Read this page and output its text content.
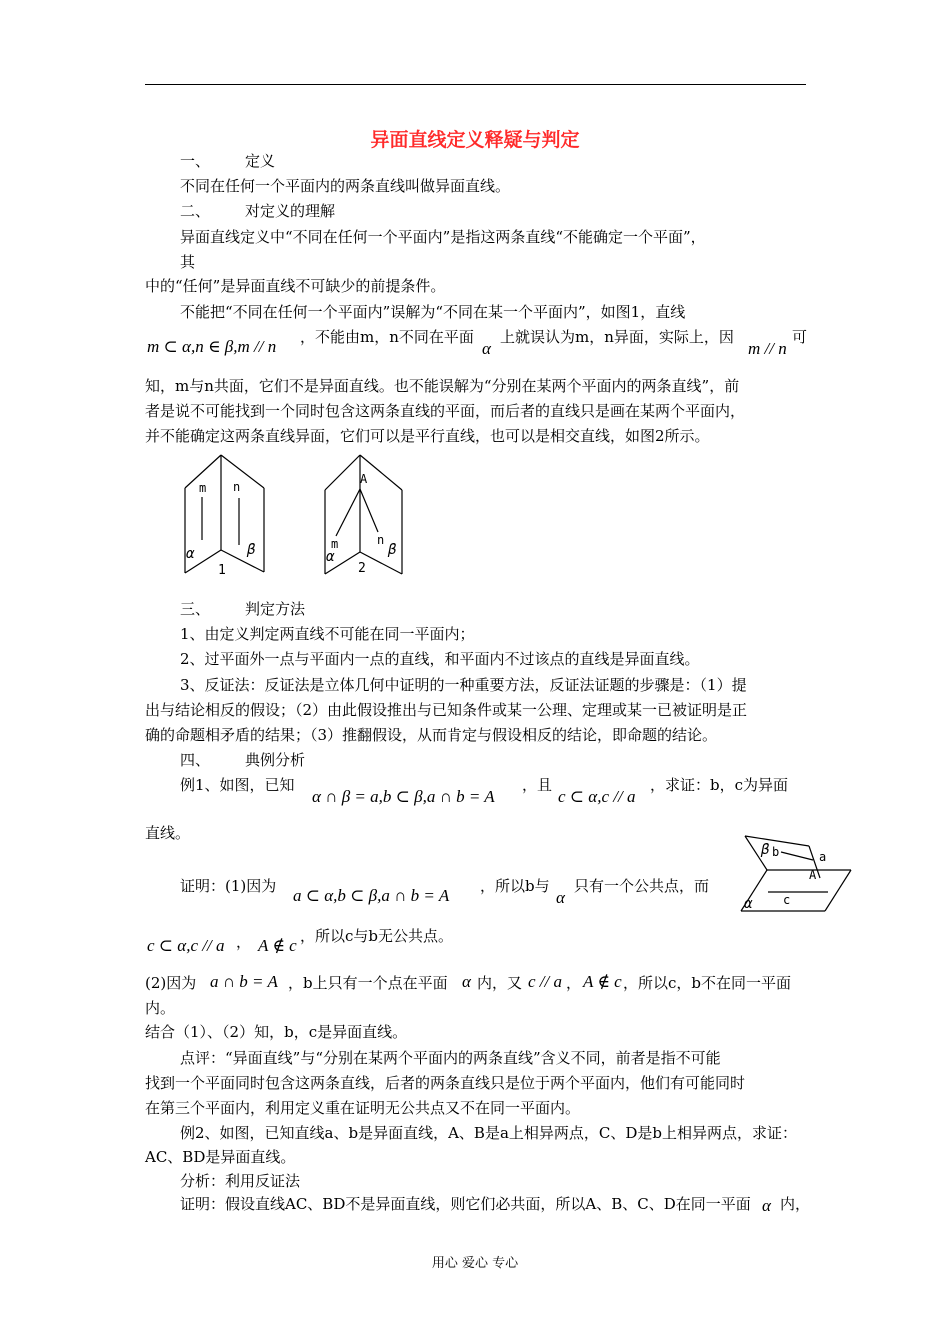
异面直线定义释疑与判定
一、 定义
不同在任何一个平面内的两条直线叫做异面直线。
二、 对定义的理解
异面直线定义中“不同在任何一个平面内”是指这两条直线“不能确定一个平面”，
其
中的“任何”是异面直线不可缺少的前提条件。
不能把“不同在任何一个平面内”误解为“不同在某一个平面内”，如图1，直线
m ⊂ α,n ∈ β,m // n ，不能由m，n不同在平面
α
上就误认为m，n异面，实际上，因
m // n
可
知，m与n共面，它们不是异面直线。也不能误解为“分别在某两个平面内的两条直线”，前
者是说不可能找到一个同时包含这两条直线的平面，而后者的直线只是画在某两个平面内，
并不能确定这两条直线异面，它们可以是平行直线，也可以是相交直线，如图2所示。
m n
α	β
1
A
m	n
α	β
2
三、 判定方法
1、由定义判定两直线不可能在同一平面内；
2、过平面外一点与平面内一点的直线，和平面内不过该点的直线是异面直线。
3、反证法：反证法是立体几何中证明的一种重要方法，反证法证题的步骤是：（1）提
出与结论相反的假设；（2）由此假设推出与已知条件或某一公理、定理或某一已被证明是正
确的命题相矛盾的结果；（3）推翻假设，从而肯定与假设相反的结论，即命题的结论。
四、 典例分析
例1、如图，已知
α ∩ β = a,b ⊂ β,a ∩ b = A
，且
c ⊂ α,c // a
，求证：b，c为异面
直线。
β b	a
A
c
α
证明：(1)因为 a ⊂ α,b ⊂ β,a ∩ b = A ，所以b与
α
只有一个公共点，而
c ⊂ α,c // a ， A ∉ c ，所以c与b无公共点。
(2)因为 a ∩ b = A ，b上只有一个点在平面 α 内，又 c // a ， A ∉ c ，所以c，b不在同一平面
内。
结合（1）、（2）知，b，c是异面直线。
点评：“异面直线”与“分别在某两个平面内的两条直线”含义不同，前者是指不可能
找到一个平面同时包含这两条直线，后者的两条直线只是位于两个平面内，他们有可能同时
在第三个平面内，利用定义重在证明无公共点又不在同一平面内。
例2、如图，已知直线a、b是异面直线，A、B是a上相异两点，C、D是b上相异两点，求证：
AC、BD是异面直线。
分析：利用反证法
证明：假设直线AC、BD不是异面直线，则它们必共面，所以A、B、C、D在同一平面 α 内，
用心 爱心 专心
